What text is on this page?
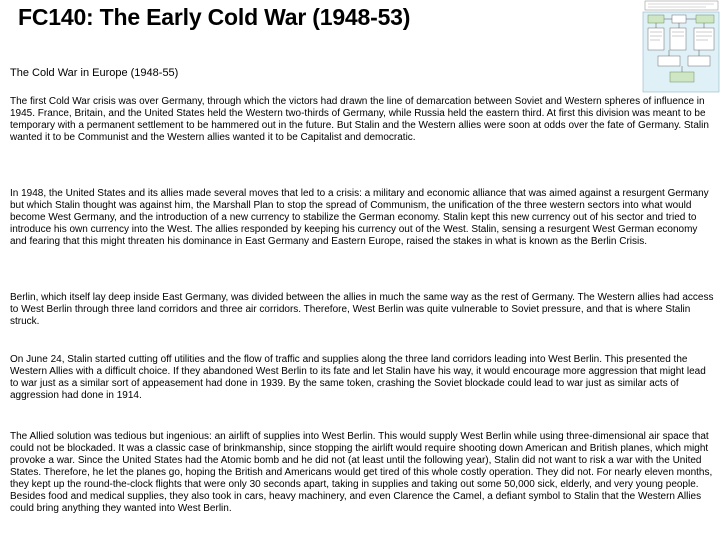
FC140: The Early Cold War (1948-53)
The Cold War in Europe (1948-55)

The first Cold War crisis was over Germany, through which the victors had drawn the line of demarcation between Soviet and Western spheres of influence in 1945. France, Britain, and the United States held the Western two-thirds of Germany, while Russia held the eastern third. At first this division was meant to be temporary with a permanent settlement to be hammered out in the future. But Stalin and the Western allies were soon at odds over the fate of Germany. Stalin wanted it to be Communist and the Western allies wanted it to be Capitalist and democratic.

In 1948, the United States and its allies made several moves that led to a crisis: a military and economic alliance that was aimed against a resurgent Germany but which Stalin thought was against him, the Marshall Plan to stop the spread of Communism, the unification of the three western sectors into what would become West Germany, and the introduction of a new currency to stabilize the German economy. Stalin kept this new currency out of his sector and tried to introduce his own currency into the West. The allies responded by keeping his currency out of the West. Stalin, sensing a resurgent West German economy and fearing that this might threaten his dominance in East Germany and Eastern Europe, raised the stakes in what is known as the Berlin Crisis.

Berlin, which itself lay deep inside East Germany, was divided between the allies in much the same way as the rest of Germany. The Western allies had access to West Berlin through three land corridors and three air corridors. Therefore, West Berlin was quite vulnerable to Soviet pressure, and that is where Stalin struck.

On June 24, Stalin started cutting off utilities and the flow of traffic and supplies along the three land corridors leading into West Berlin. This presented the Western Allies with a difficult choice. If they abandoned West Berlin to its fate and let Stalin have his way, it would encourage more aggression that might lead to war just as a similar sort of appeasement had done in 1939. By the same token, crashing the Soviet blockade could lead to war just as similar acts of aggression had done in 1914.

The Allied solution was tedious but ingenious: an airlift of supplies into West Berlin. This would supply West Berlin while using three-dimensional air space that could not be blockaded. It was a classic case of brinkmanship, since stopping the airlift would require shooting down American and British planes, which might provoke a war. Since the United States had the Atomic bomb and he did not (at least until the following year), Stalin did not want to risk a war with the United States. Therefore, he let the planes go, hoping the British and Americans would get tired of this whole costly operation. They did not. For nearly eleven months, they kept up the round-the-clock flights that were only 30 seconds apart, taking in supplies and taking out some 50,000 sick, elderly, and very young people. Besides food and medical supplies, they also took in cars, heavy machinery, and even Clarence the Camel, a defiant symbol to Stalin that the Western Allies could bring anything they wanted into West Berlin.
